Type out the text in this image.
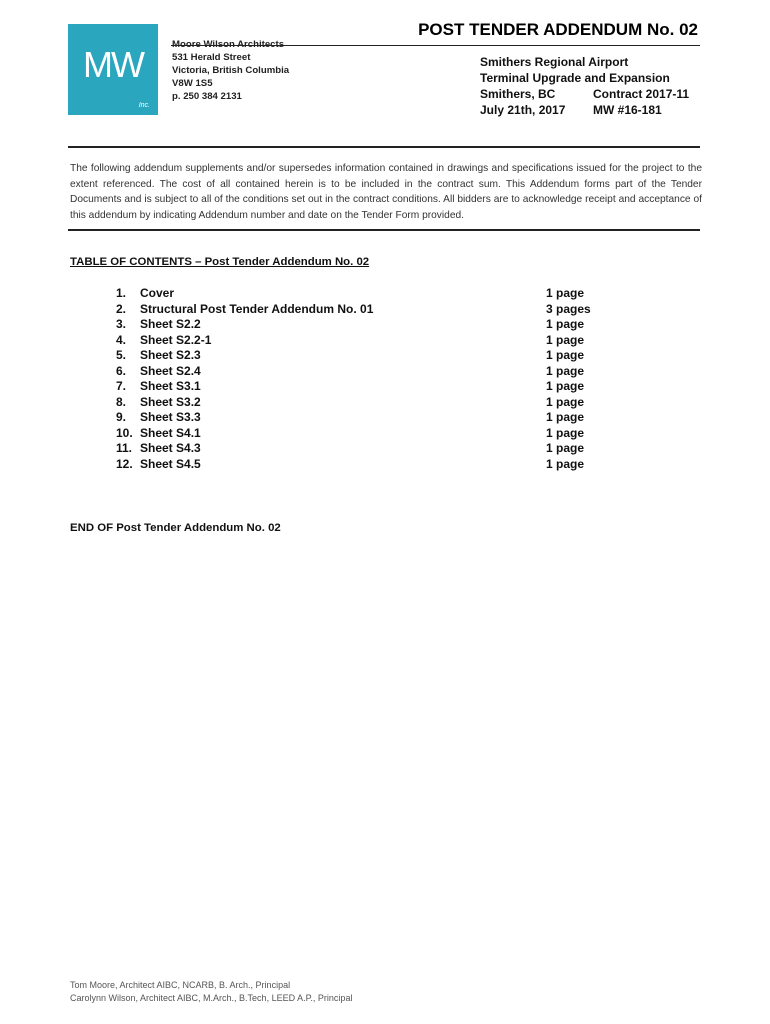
MW
Inc.
531 Herald Street
Victoria, British Columbia
V8W 1S5
p. 250 384 2131
POST TENDER ADDENDUM No. 02
Smithers Regional Airport
Terminal Upgrade and Expansion
Smithers, BC	Contract 2017-11
July 21th, 2017	MW #16-181
The following addendum supplements and/or supersedes information contained in drawings and specifications issued for the project to the extent referenced. The cost of all contained herein is to be included in the contract sum. This Addendum forms part of the Tender Documents and is subject to all of the conditions set out in the contract conditions. All bidders are to acknowledge receipt and acceptance of this addendum by indicating Addendum number and date on the Tender Form provided.
TABLE OF CONTENTS – Post Tender Addendum No. 02
1.	Cover	1 page
2.	Structural Post Tender Addendum No. 01	3 pages
3.	Sheet S2.2	1 page
4.	Sheet S2.2-1	1 page
5.	Sheet S2.3	1 page
6.	Sheet S2.4	1 page
7.	Sheet S3.1	1 page
8.	Sheet S3.2	1 page
9.	Sheet S3.3	1 page
10. Sheet S4.1	1 page
11. Sheet S4.3	1 page
12. Sheet S4.5	1 page
END OF Post Tender Addendum No. 02
Tom Moore, Architect AIBC, NCARB, B. Arch., Principal
Carolynn Wilson, Architect AIBC, M.Arch., B.Tech, LEED A.P., Principal
